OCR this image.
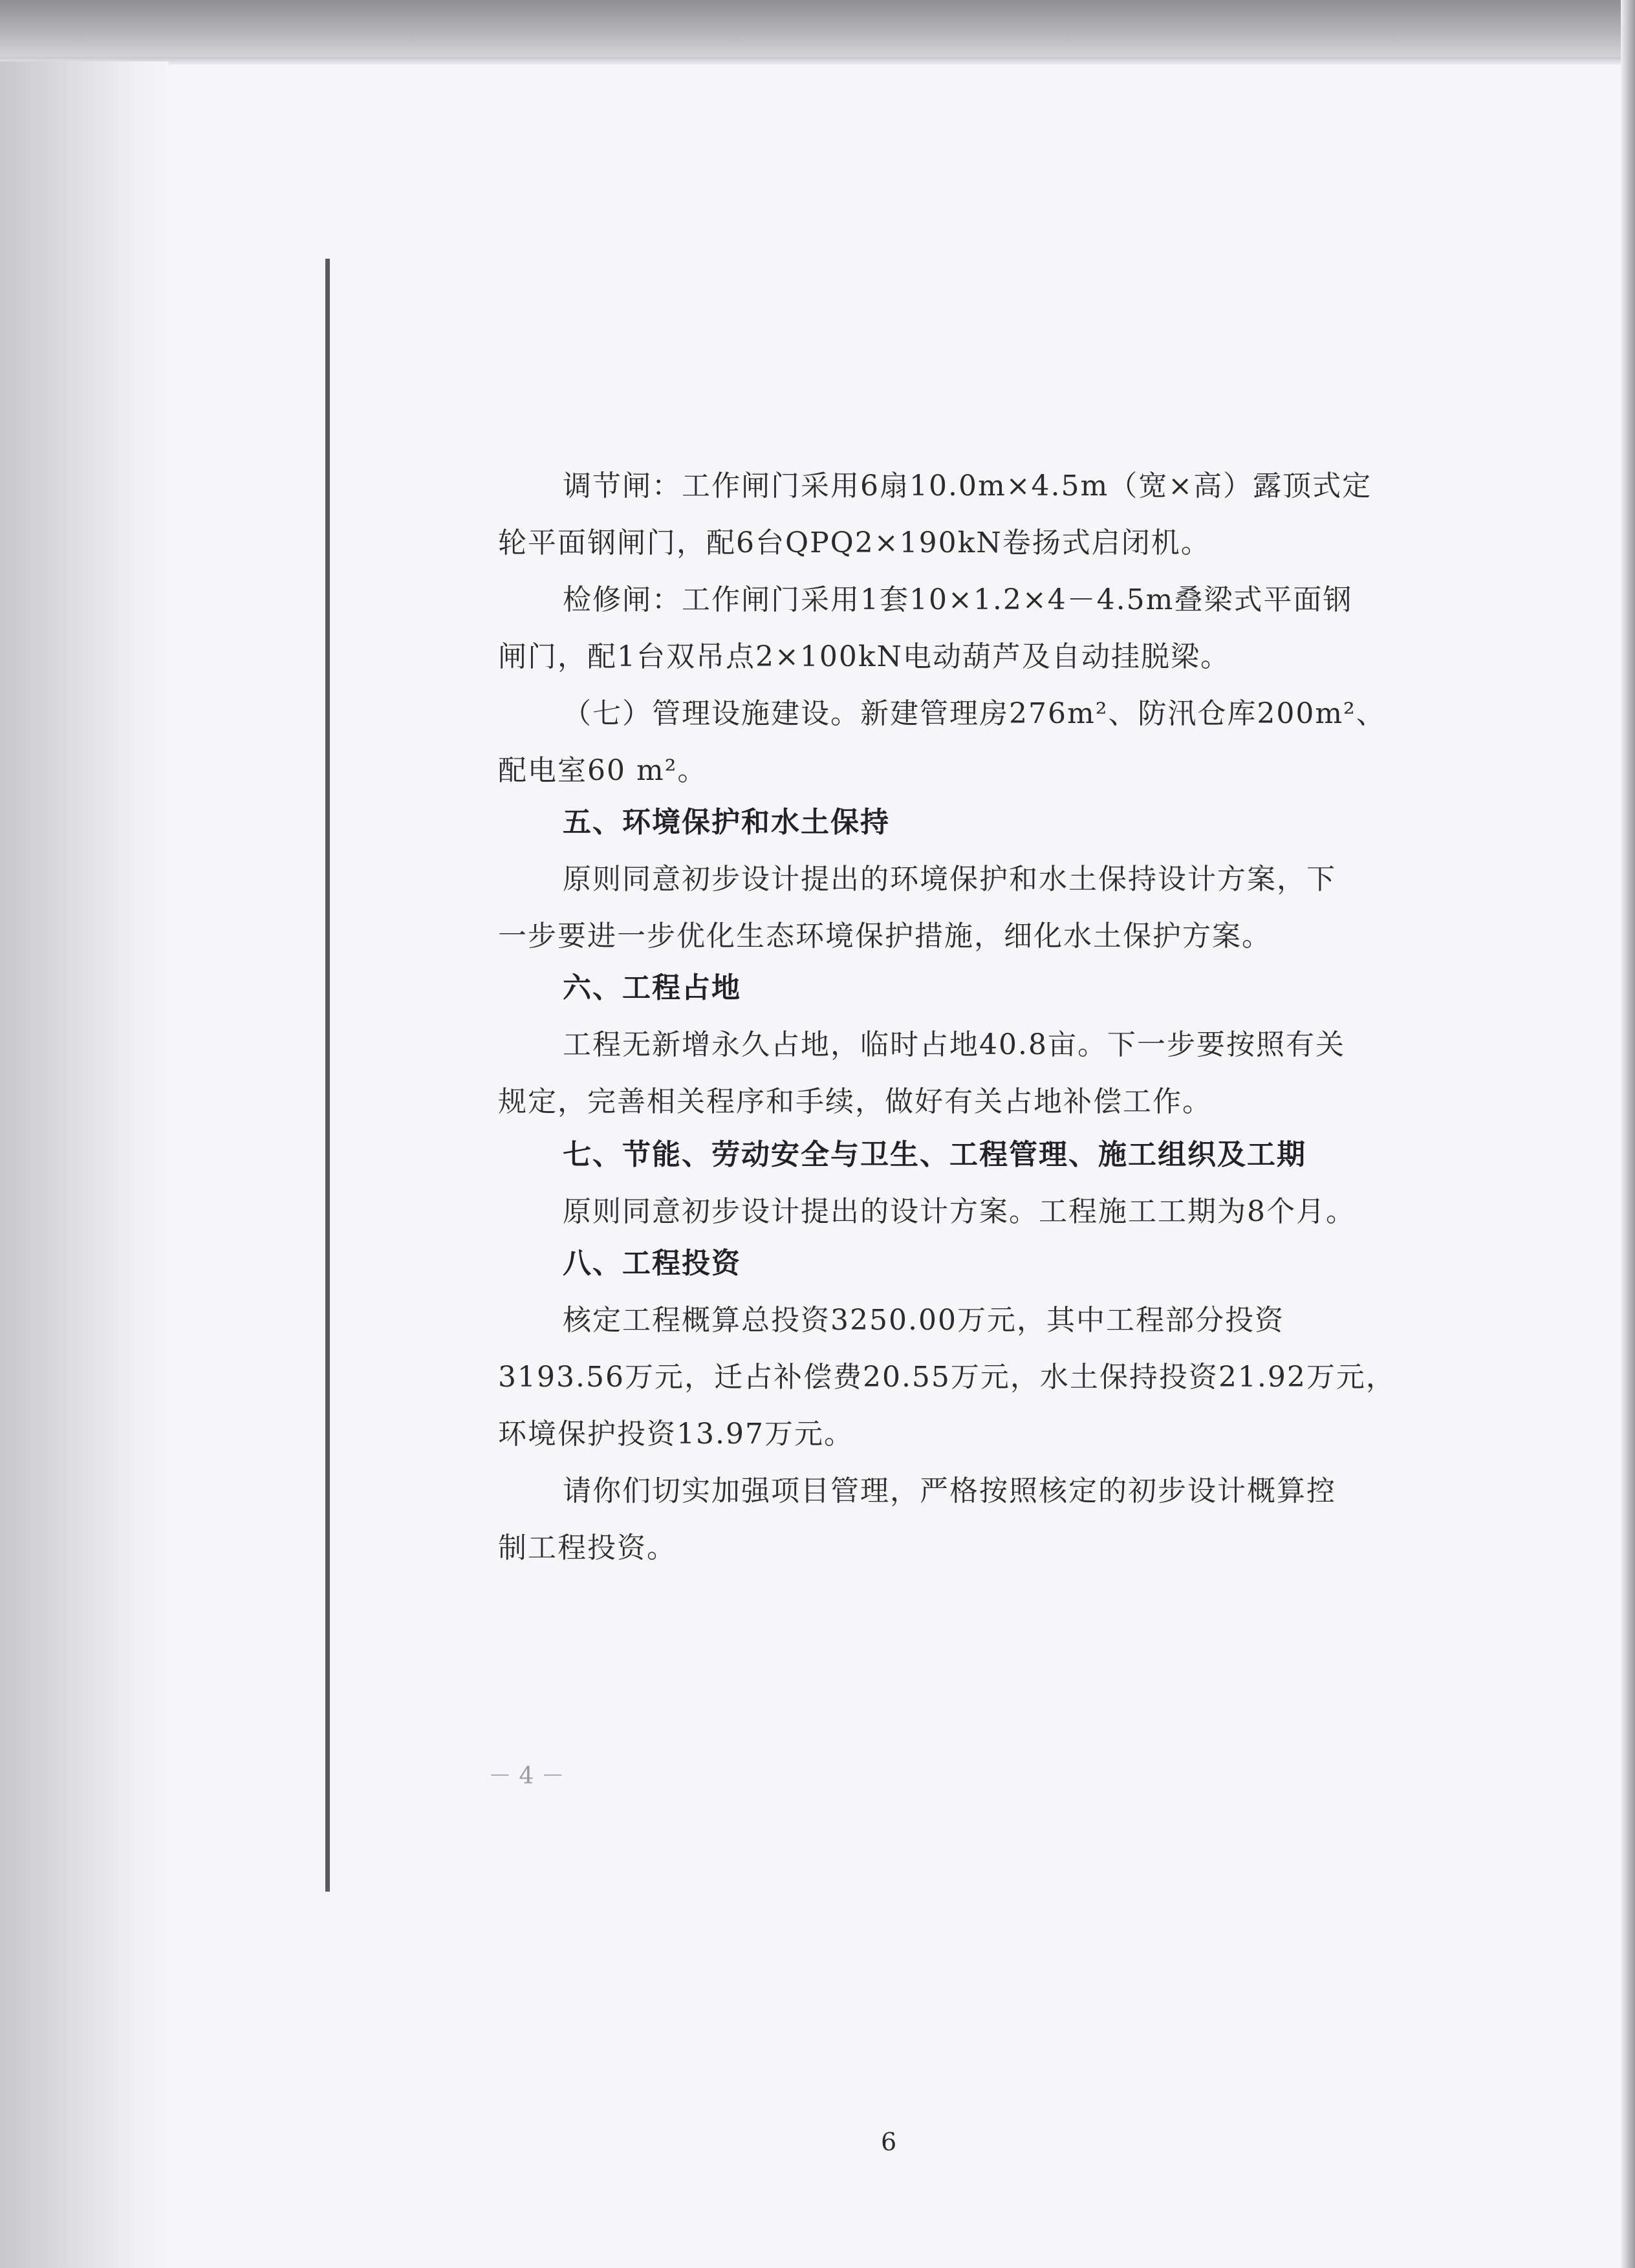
调节闸：工作闸门采用6扇10.0m×4.5m（宽×高）露顶式定
轮平面钢闸门，配6台QPQ2×190kN卷扬式启闭机。
检修闸：工作闸门采用1套10×1.2×4－4.5m叠梁式平面钢
闸门，配1台双吊点2×100kN电动葫芦及自动挂脱梁。
（七）管理设施建设。新建管理房276m²、防汛仓库200m²、
配电室60 m²。
五、环境保护和水土保持
原则同意初步设计提出的环境保护和水土保持设计方案，下
一步要进一步优化生态环境保护措施，细化水土保护方案。
六、工程占地
工程无新增永久占地，临时占地40.8亩。下一步要按照有关
规定，完善相关程序和手续，做好有关占地补偿工作。
七、节能、劳动安全与卫生、工程管理、施工组织及工期
原则同意初步设计提出的设计方案。工程施工工期为8个月。
八、工程投资
核定工程概算总投资3250.00万元，其中工程部分投资
3193.56万元，迁占补偿费20.55万元，水土保持投资21.92万元，
环境保护投资13.97万元。
请你们切实加强项目管理，严格按照核定的初步设计概算控
制工程投资。
－ 4 －
6
